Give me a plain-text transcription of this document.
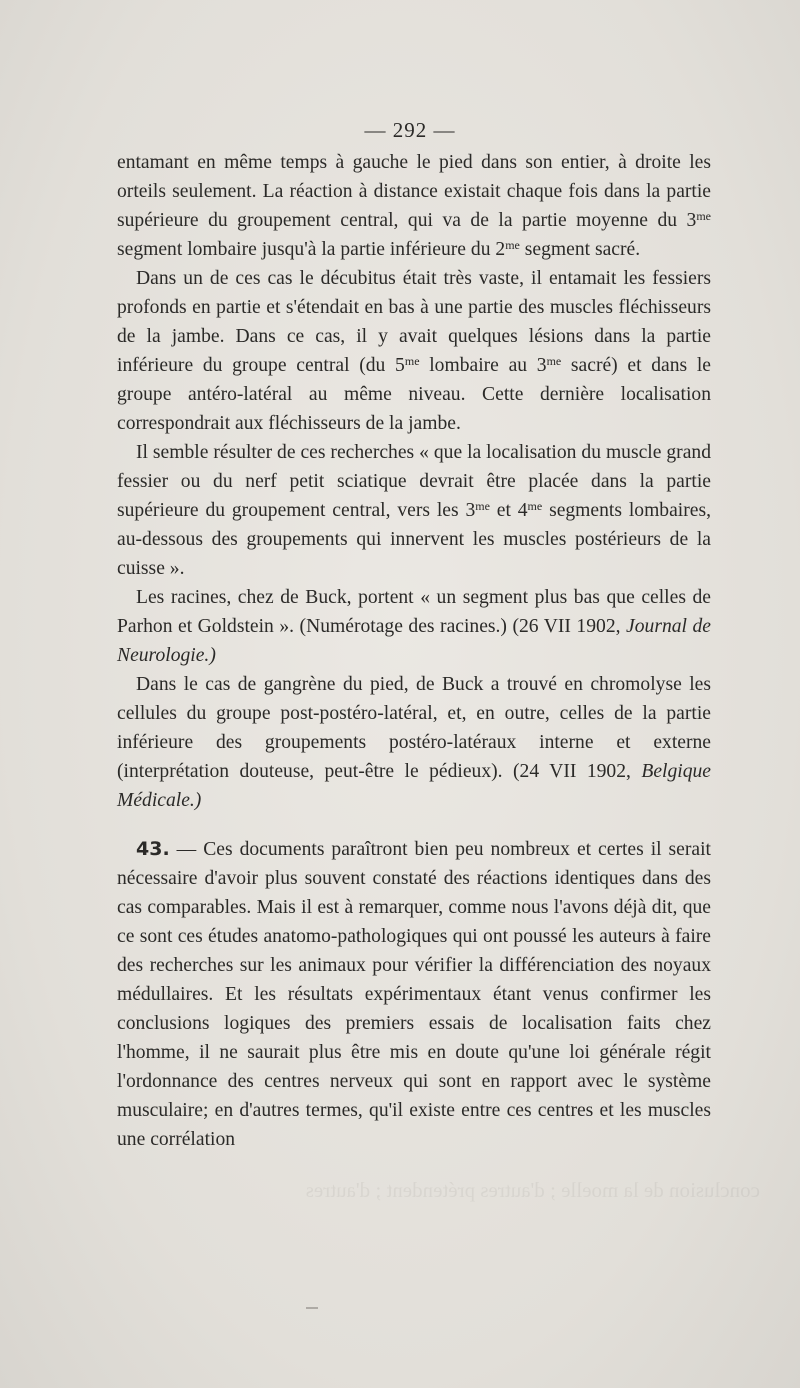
— 292 —

entamant en même temps à gauche le pied dans son entier, à droite les orteils seulement. La réaction à distance existait chaque fois dans la partie supérieure du groupement central, qui va de la partie moyenne du $3^{me}$ segment lombaire jusqu'à la partie inférieure du $2^{me}$ segment sacré.

Dans un de ces cas le décubitus était très vaste, il entamait les fessiers profonds en partie et s'étendait en bas à une partie des muscles fléchisseurs de la jambe. Dans ce cas, il y avait quelques lésions dans la partie inférieure du groupe central (du $5^{me}$ lombaire au $3^{me}$ sacré) et dans le groupe antéro-latéral au même niveau. Cette dernière localisation correspondrait aux fléchisseurs de la jambe.

Il semble résulter de ces recherches « que la localisation du muscle grand fessier ou du nerf petit sciatique devrait être placée dans la partie supérieure du groupement central, vers les $3^{me}$ et $4^{me}$ segments lombaires, au-dessous des groupements qui innervent les muscles postérieurs de la cuisse ».

Les racines, chez de Buck, portent « un segment plus bas que celles de Parhon et Goldstein ». (Numérotage des racines.) (26 VII 1902, Journal de Neurologie.)

Dans le cas de gangrène du pied, de Buck a trouvé en chromolyse les cellules du groupe post-postéro-latéral, et, en outre, celles de la partie inférieure des groupements postéro-latéraux interne et externe (interprétation douteuse, peut-être le pédieux). (24 VII 1902, Belgique Médicale.)

43. — Ces documents paraîtront bien peu nombreux et certes il serait nécessaire d'avoir plus souvent constaté des réactions identiques dans des cas comparables. Mais il est à remarquer, comme nous l'avons déjà dit, que ce sont ces études anatomo-pathologiques qui ont poussé les auteurs à faire des recherches sur les animaux pour vérifier la différenciation des noyaux médullaires. Et les résultats expérimentaux étant venus confirmer les conclusions logiques des premiers essais de localisation faits chez l'homme, il ne saurait plus être mis en doute qu'une loi générale régit l'ordonnance des centres nerveux qui sont en rapport avec le système musculaire; en d'autres termes, qu'il existe entre ces centres et les muscles une corrélation

conclusion de la moelle ; d'autres prétendent ; d'autres
